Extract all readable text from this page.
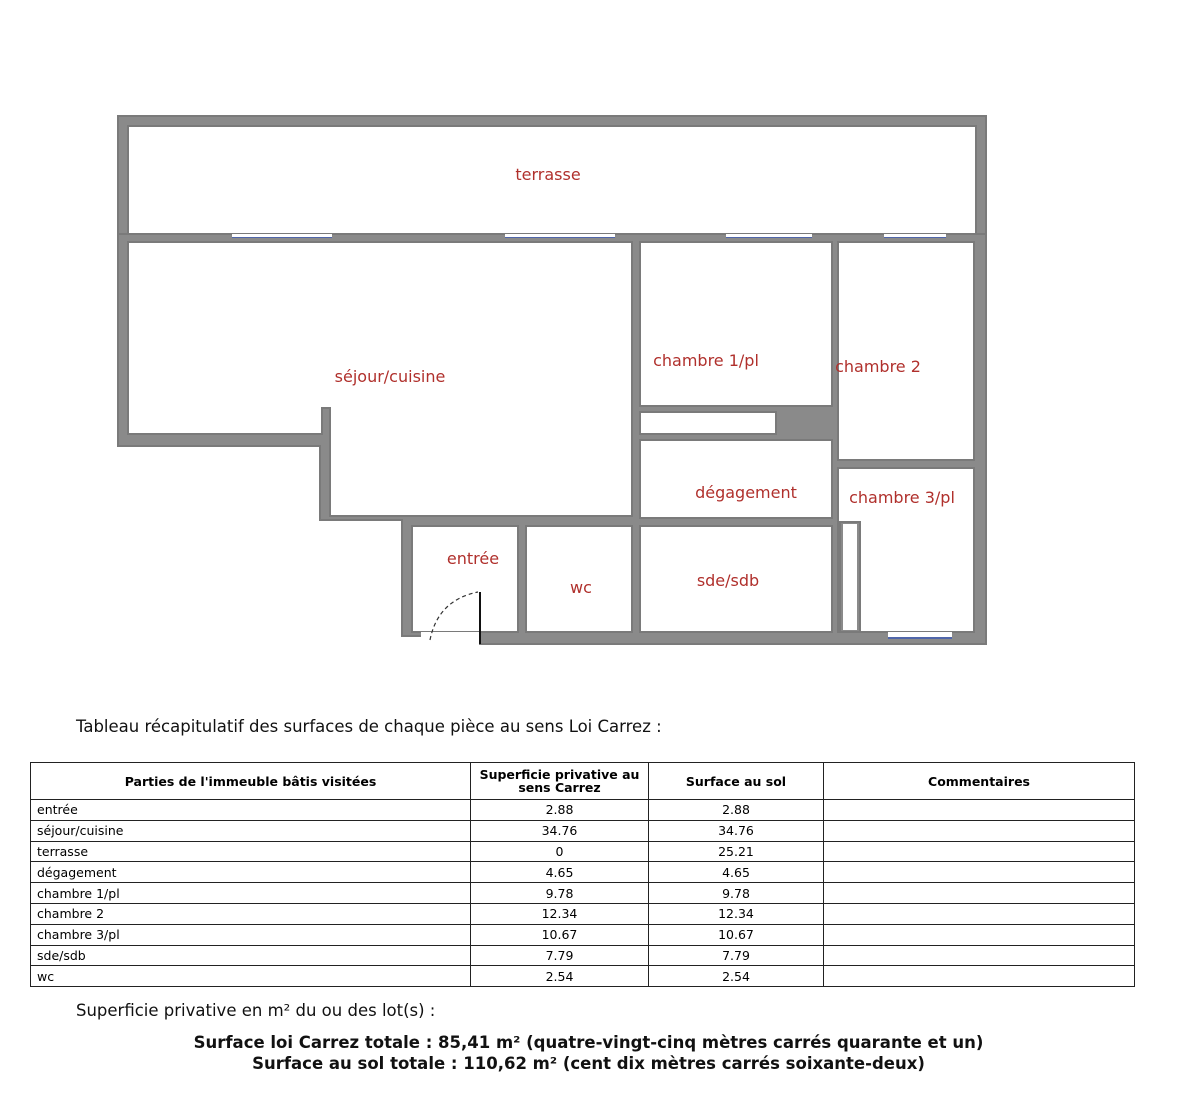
terrasse
séjour/cuisine
chambre 1/pl	chambre 2
dégagement	chambre 3/pl
entrée
wc	sde/sdb
Tableau récapitulatif des surfaces de chaque pièce au sens Loi Carrez :
Parties de l'immeuble bâtis visitées	Superficie privative au sens Carrez	Surface au sol	Commentaires
entrée	2.88	2.88	
séjour/cuisine	34.76	34.76	
terrasse	0	25.21	
dégagement	4.65	4.65	
chambre 1/pl	9.78	9.78	
chambre 2	12.34	12.34	
chambre 3/pl	10.67	10.67	
sde/sdb	7.79	7.79	
wc	2.54	2.54	
Superficie privative en m² du ou des lot(s) :
Surface loi Carrez totale : 85,41 m² (quatre-vingt-cinq mètres carrés quarante et un)
Surface au sol totale : 110,62 m² (cent dix mètres carrés soixante-deux)
